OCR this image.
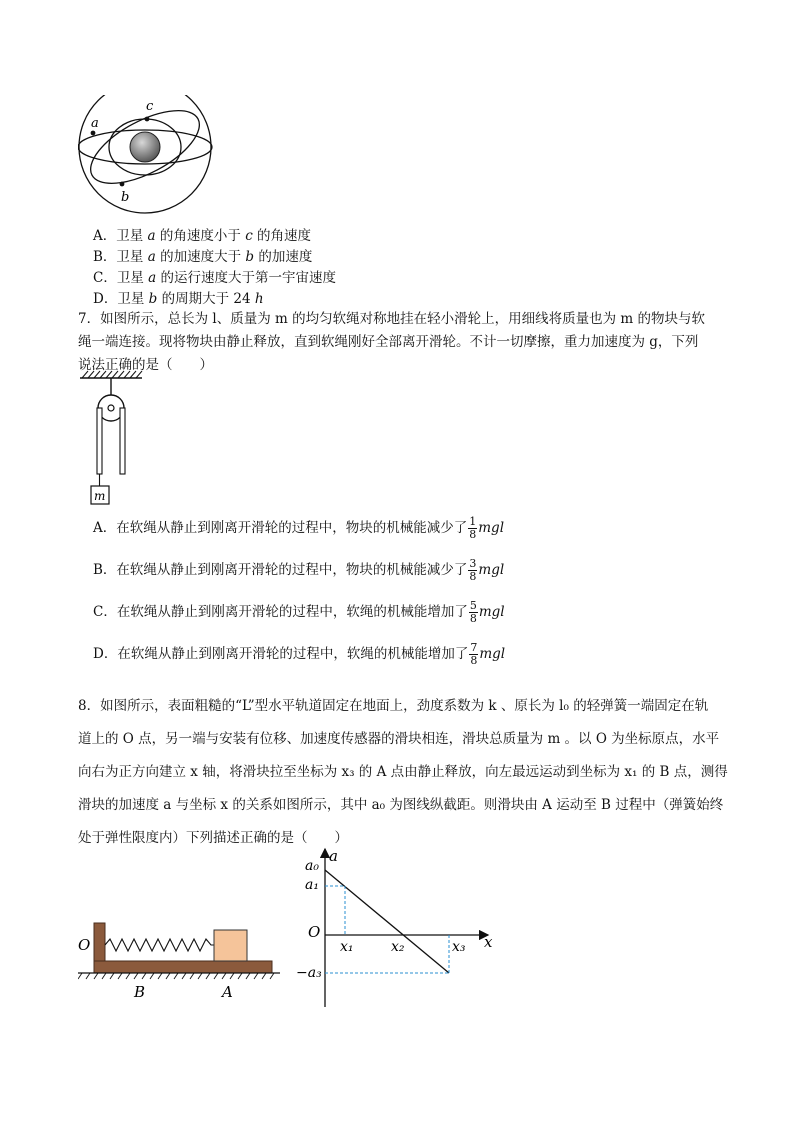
a
c
b
A．卫星 a 的角速度小于 c 的角速度
B．卫星 a 的加速度大于 b 的加速度
C．卫星 a 的运行速度大于第一宇宙速度
D．卫星 b 的周期大于 24 h
7．如图所示，总长为 l、质量为 m 的均匀软绳对称地挂在轻小滑轮上，用细线将质量也为 m 的物块与软
绳一端连接。现将物块由静止释放，直到软绳刚好全部离开滑轮。不计一切摩擦，重力加速度为 g，下列
说法正确的是（　　）
m
A．在软绳从静止到刚离开滑轮的过程中，物块的机械能减少了 $\frac{1}{8}$ mgl
B．在软绳从静止到刚离开滑轮的过程中，物块的机械能减少了 $\frac{3}{8}$ mgl
C．在软绳从静止到刚离开滑轮的过程中，软绳的机械能增加了 $\frac{5}{8}$ mgl
D．在软绳从静止到刚离开滑轮的过程中，软绳的机械能增加了 $\frac{7}{8}$ mgl
8．如图所示，表面粗糙的“L”型水平轨道固定在地面上，劲度系数为 k 、原长为 l₀ 的轻弹簧一端固定在轨
道上的 O 点，另一端与安装有位移、加速度传感器的滑块相连，滑块总质量为 m 。以 O 为坐标原点，水平
向右为正方向建立 x 轴，将滑块拉至坐标为 x₃ 的 A 点由静止释放，向左最远运动到坐标为 x₁ 的 B 点，测得
滑块的加速度 a 与坐标 x 的关系如图所示，其中 a₀ 为图线纵截距。则滑块由 A 运动至 B 过程中（弹簧始终
处于弹性限度内）下列描述正确的是（　　）
O
B	A
a
x
a₀
a₁
O
−a₃
x₁	x₂	x₃
